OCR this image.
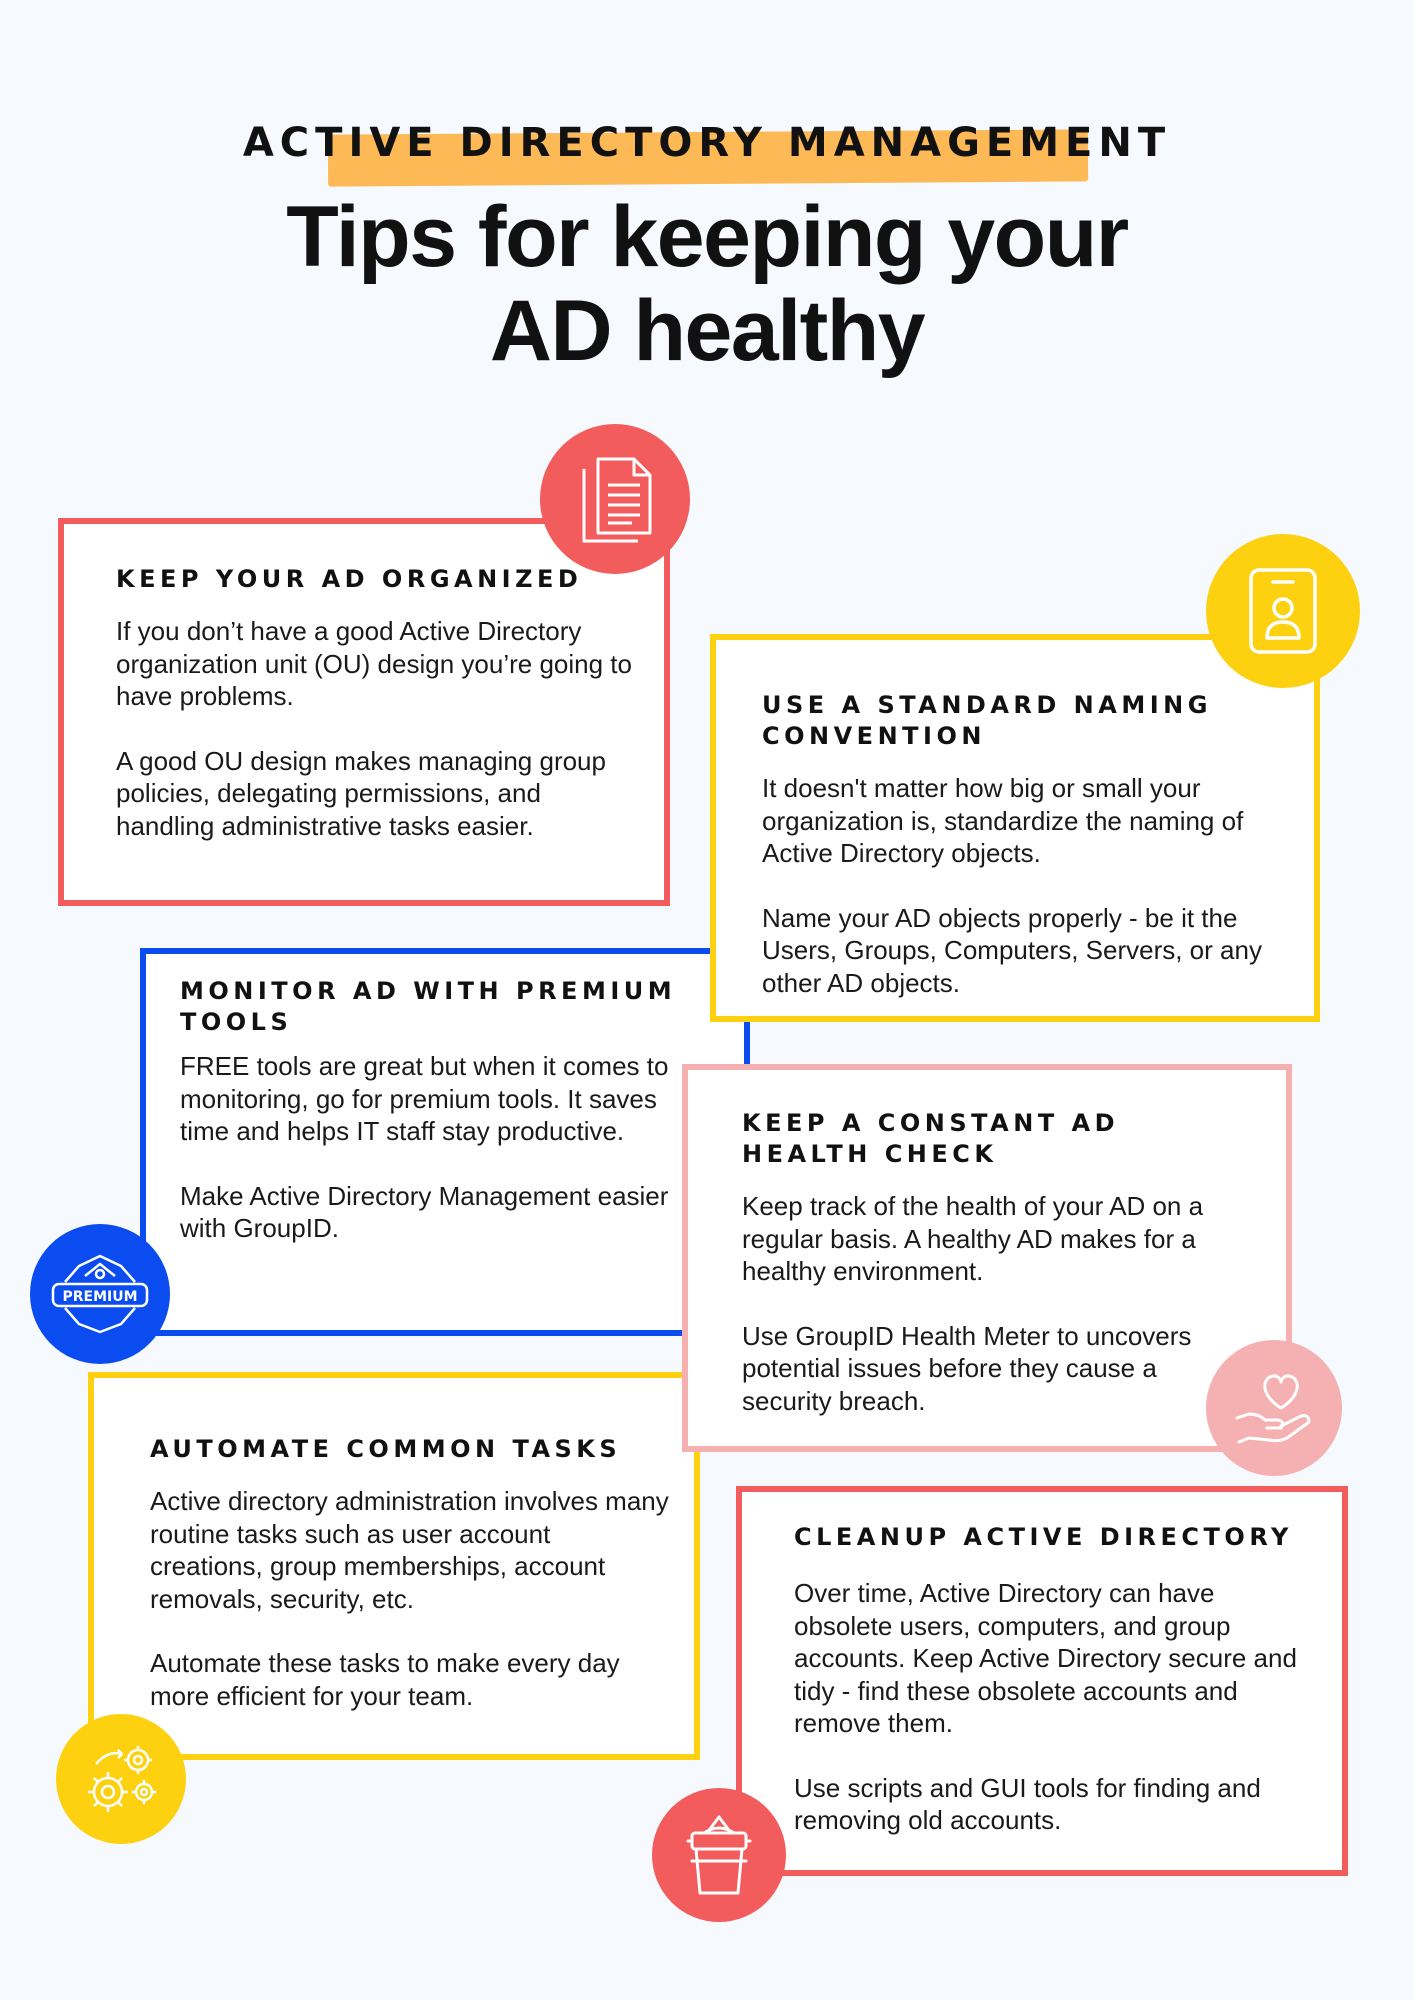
ACTIVE DIRECTORY MANAGEMENT
Tips for keeping your
AD healthy
KEEP YOUR AD ORGANIZED

If you don’t have a good Active Directory organization unit (OU) design you’re going to have problems.

A good OU design makes managing group policies, delegating permissions, and handling administrative tasks easier.

MONITOR AD WITH PREMIUM TOOLS

FREE tools are great but when it comes to monitoring, go for premium tools. It saves time and helps IT staff stay productive.

Make Active Directory Management easier with GroupID.

USE A STANDARD NAMING CONVENTION

It doesn't matter how big or small your organization is, standardize the naming of Active Directory objects.

Name your AD objects properly - be it the Users, Groups, Computers, Servers, or any other AD objects.

AUTOMATE COMMON TASKS

Active directory administration involves many routine tasks such as user account creations, group memberships, account removals, security, etc.

Automate these tasks to make every day more efficient for your team.

KEEP A CONSTANT AD HEALTH CHECK

Keep track of the health of your AD on a regular basis. A healthy AD makes for a healthy environment.

Use GroupID Health Meter to uncovers potential issues before they cause a security breach.

CLEANUP ACTIVE DIRECTORY

Over time, Active Directory can have obsolete users, computers, and group accounts. Keep Active Directory secure and tidy - find these obsolete accounts and remove them.

Use scripts and GUI tools for finding and removing old accounts.

PREMIUM
